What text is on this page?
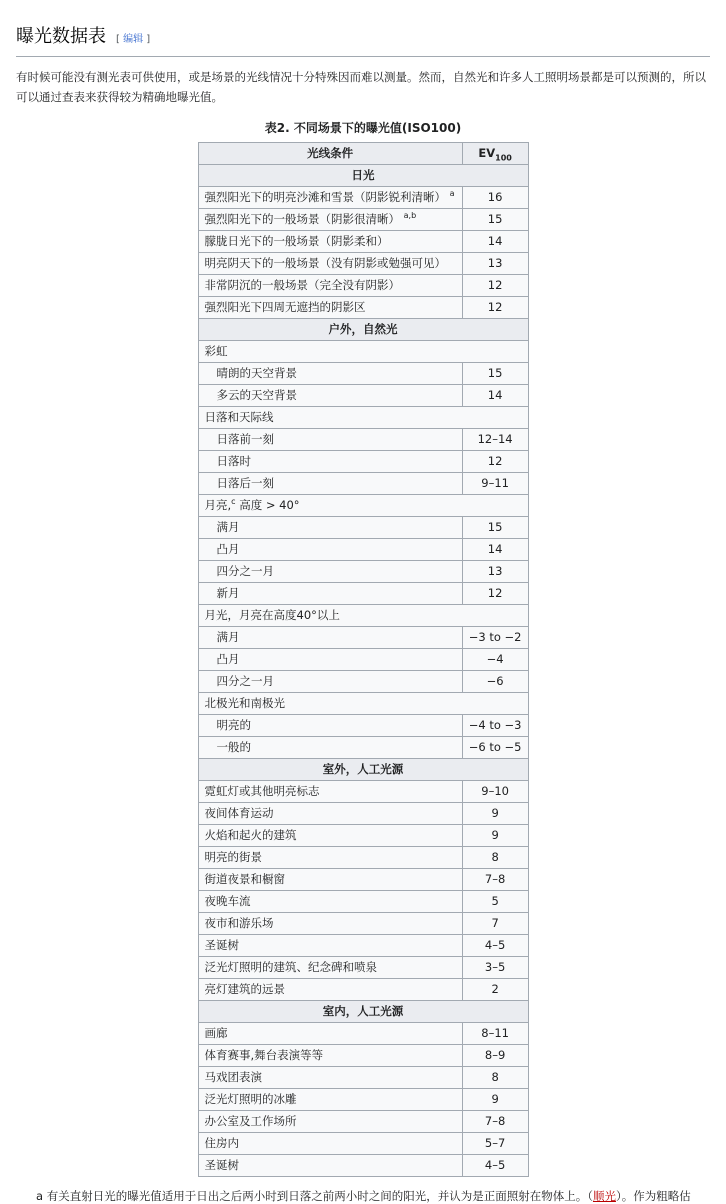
曝光数据表 [ 编辑 ]

有时候可能没有测光表可供使用，或是场景的光线情况十分特殊因而难以测量。然而，自然光和许多人工照明场景都是可以预测的，所以可以通过查表来获得较为精确地曝光值。

表2. 不同场景下的曝光值(ISO100)
光线条件	$EV_{100}$
日光	
强烈阳光下的明亮沙滩和雪景（阴影锐利清晰） $^a$	16
强烈阳光下的一般场景（阴影很清晰） $^{a,b}$	15
朦胧日光下的一般场景（阴影柔和）	14
明亮阴天下的一般场景（没有阴影或勉强可见）	13
非常阴沉的一般场景（完全没有阴影）	12
强烈阳光下四周无遮挡的阴影区	12
户外，自然光	
彩虹	
晴朗的天空背景	15
多云的天空背景	14
日落和天际线	
日落前一刻	12–14
日落时	12
日落后一刻	9–11
月亮,$^c$ 高度 > 40°	
满月	15
凸月	14
四分之一月	13
新月	12
月光，月亮在高度40°以上	
满月	−3 to −2
凸月	−4
四分之一月	−6
北极光和南极光	
明亮的	−4 to −3
一般的	−6 to −5
室外，人工光源	
霓虹灯或其他明亮标志	9–10
夜间体育运动	9
火焰和起火的建筑	9
明亮的街景	8
街道夜景和橱窗	7–8
夜晚车流	5
夜市和游乐场	7
圣诞树	4–5
泛光灯照明的建筑、纪念碑和喷泉	3–5
亮灯建筑的远景	2
室内，人工光源	
画廊	8–11
体育赛事,舞台表演等等	8–9
马戏团表演	8
泛光灯照明的冰雕	9
办公室及工作场所	7–8
住房内	5–7
圣诞树	4–5
a 有关直射日光的曝光值适用于日出之后两小时到日落之前两小时之间的阳光，并认为是正面照射在物体上。（顺光）。作为粗略估
